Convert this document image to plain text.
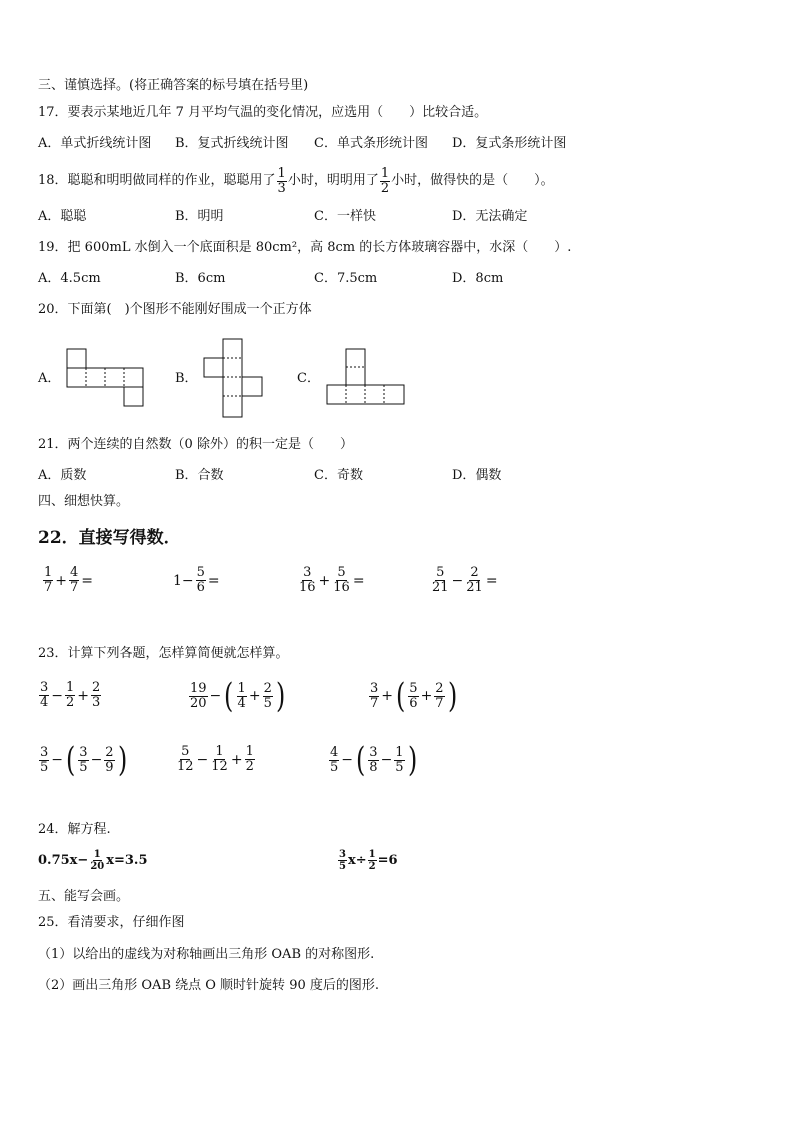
三、谨慎选择。(将正确答案的标号填在括号里)
17．要表示某地近几年 7 月平均气温的变化情况，应选用（　　）比较合适。
A．单式折线统计图 B．复式折线统计图 C．单式条形统计图 D．复式条形统计图
18．聪聪和明明做同样的作业，聪聪用了 $\frac{1}{3}$ 小时，明明用了 $\frac{1}{2}$ 小时，做得快的是（　　）。
A．聪聪	B．明明	C．一样快	D．无法确定
19．把 600mL 水倒入一个底面积是 80cm²，高 8cm 的长方体玻璃容器中，水深（　　）.
A．4.5cm	B．6cm	C．7.5cm	D．8cm
20．下面第(　)个图形不能刚好围成一个正方体
A．	B．	C．
21．两个连续的自然数（0 除外）的积一定是（　　）
A．质数	B．合数	C．奇数	D．偶数
四、细想快算。
22．直接写得数．
$\frac{1}{7} + \frac{4}{7}$ =	$1- \frac{5}{6}$ =	$\frac{3}{16} + \frac{5}{16}$ =	$\frac{5}{21} - \frac{2}{21}$ =
23．计算下列各题，怎样算简便就怎样算。
$\frac{3}{4} - \frac{1}{2} + \frac{2}{3}$	$\frac{19}{20}$ − ( $\frac{1}{4} + \frac{2}{5}$ )	$\frac{3}{7}$ + ( $\frac{5}{6} + \frac{2}{7}$ )
$\frac{3}{5}$ − ( $\frac{3}{5} - \frac{2}{9}$ )	$\frac{5}{12} - \frac{1}{12} + \frac{1}{2}$	$\frac{4}{5}$ − ( $\frac{3}{8} - \frac{1}{5}$ )
24．解方程.
$0.75x- \frac{1}{20} x=3.5$	$\frac{3}{5} x\div \frac{1}{2} =6$
五、能写会画。
25．看清要求，仔细作图
（1）以给出的虚线为对称轴画出三角形 OAB 的对称图形.
（2）画出三角形 OAB 绕点 O 顺时针旋转 90 度后的图形.
